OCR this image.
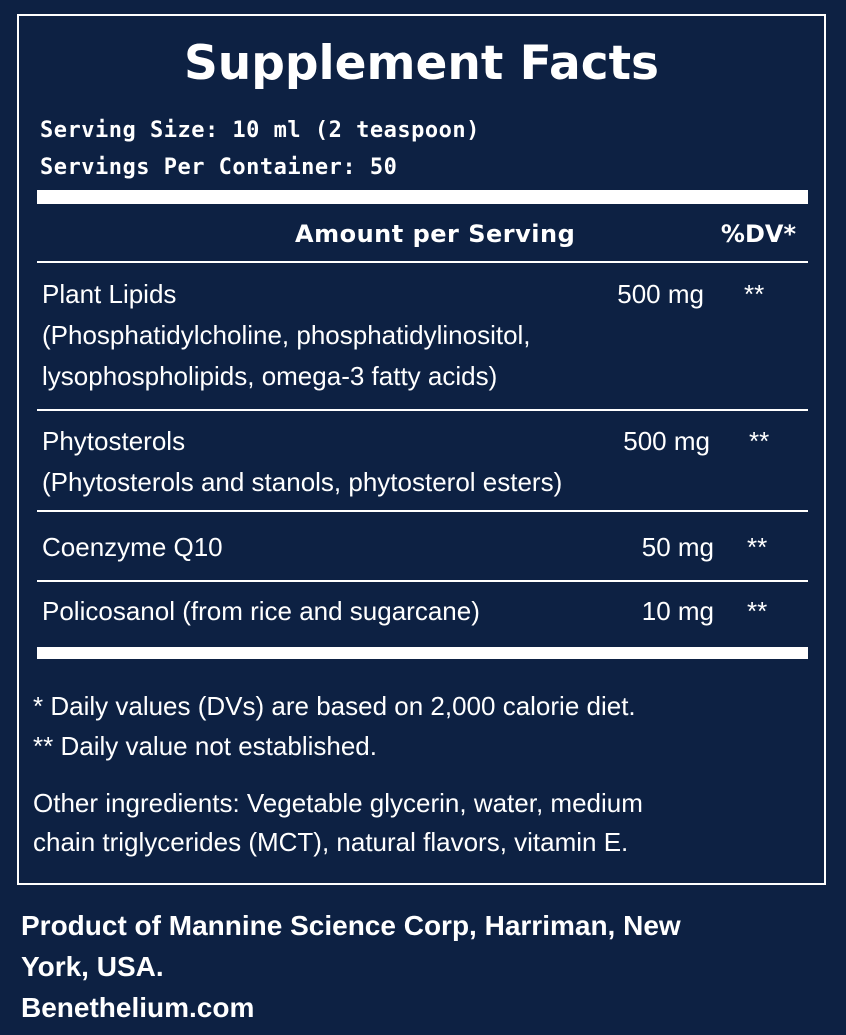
Supplement Facts
Serving Size: 10 ml (2 teaspoon)
Servings Per Container: 50
Amount per Serving	%DV*
Plant Lipids	500 mg **
(Phosphatidylcholine, phosphatidylinositol,
lysophospholipids, omega-3 fatty acids)
Phytosterols	500 mg **
(Phytosterols and stanols, phytosterol esters)
Coenzyme Q10	50 mg **
Policosanol (from rice and sugarcane)	10 mg **
* Daily values (DVs) are based on 2,000 calorie diet.
** Daily value not established.
Other ingredients: Vegetable glycerin, water, medium
chain triglycerides (MCT), natural flavors, vitamin E.
Product of Mannine Science Corp, Harriman, New
York, USA.
Benethelium.com
